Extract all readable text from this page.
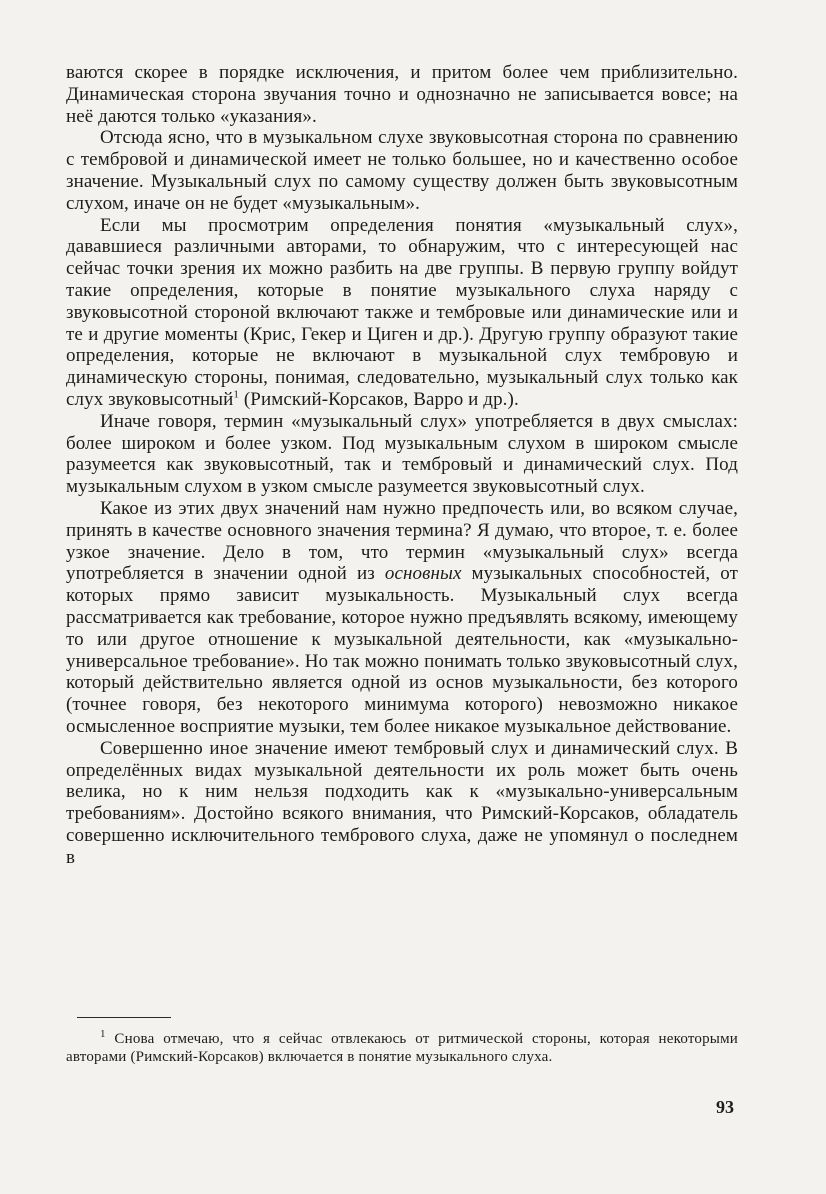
ваются скорее в порядке исключения, и притом более чем приблизительно. Динамическая сторона звучания точно и однозначно не записывается вовсе; на неё даются только «указания».

Отсюда ясно, что в музыкальном слухе звуковысотная сторона по сравнению с тембровой и динамической имеет не только большее, но и качественно особое значение. Музыкальный слух по самому существу должен быть звуковысотным слухом, иначе он не будет «музыкальным».

Если мы просмотрим определения понятия «музыкальный слух», дававшиеся различными авторами, то обнаружим, что с интересующей нас сейчас точки зрения их можно разбить на две группы. В первую группу войдут такие определения, которые в понятие музыкального слуха наряду с звуковысотной стороной включают также и тембровые или динамические или и те и другие моменты (Крис, Гекер и Циген и др.). Другую группу образуют такие определения, которые не включают в музыкальной слух тембровую и динамическую стороны, понимая, следовательно, музыкальный слух только как слух звуковысотный$^1$ (Римский-Корсаков, Варро и др.).

Иначе говоря, термин «музыкальный слух» употребляется в двух смыслах: более широком и более узком. Под музыкальным слухом в широком смысле разумеется как звуковысотный, так и тембровый и динамический слух. Под музыкальным слухом в узком смысле разумеется звуковысотный слух.

Какое из этих двух значений нам нужно предпочесть или, во всяком случае, принять в качестве основного значения термина? Я думаю, что второе, т. е. более узкое значение. Дело в том, что термин «музыкальный слух» всегда употребляется в значении одной из основных музыкальных способностей, от которых прямо зависит музыкальность. Музыкальный слух всегда рассматривается как требование, которое нужно предъявлять всякому, имеющему то или другое отношение к музыкальной деятельности, как «музыкально-универсальное требование». Но так можно понимать только звуковысотный слух, который действительно является одной из основ музыкальности, без которого (точнее говоря, без некоторого минимума которого) невозможно никакое осмысленное восприятие музыки, тем более никакое музыкальное действование.

Совершенно иное значение имеют тембровый слух и динамический слух. В определённых видах музыкальной деятельности их роль может быть очень велика, но к ним нельзя подходить как к «музыкально-универсальным требованиям». Достойно всякого внимания, что Римский-Корсаков, обладатель совершенно исключительного тембрового слуха, даже не упомянул о последнем в

$^1$ Снова отмечаю, что я сейчас отвлекаюсь от ритмической стороны, которая некоторыми авторами (Римский-Корсаков) включается в понятие музыкального слуха.

93
